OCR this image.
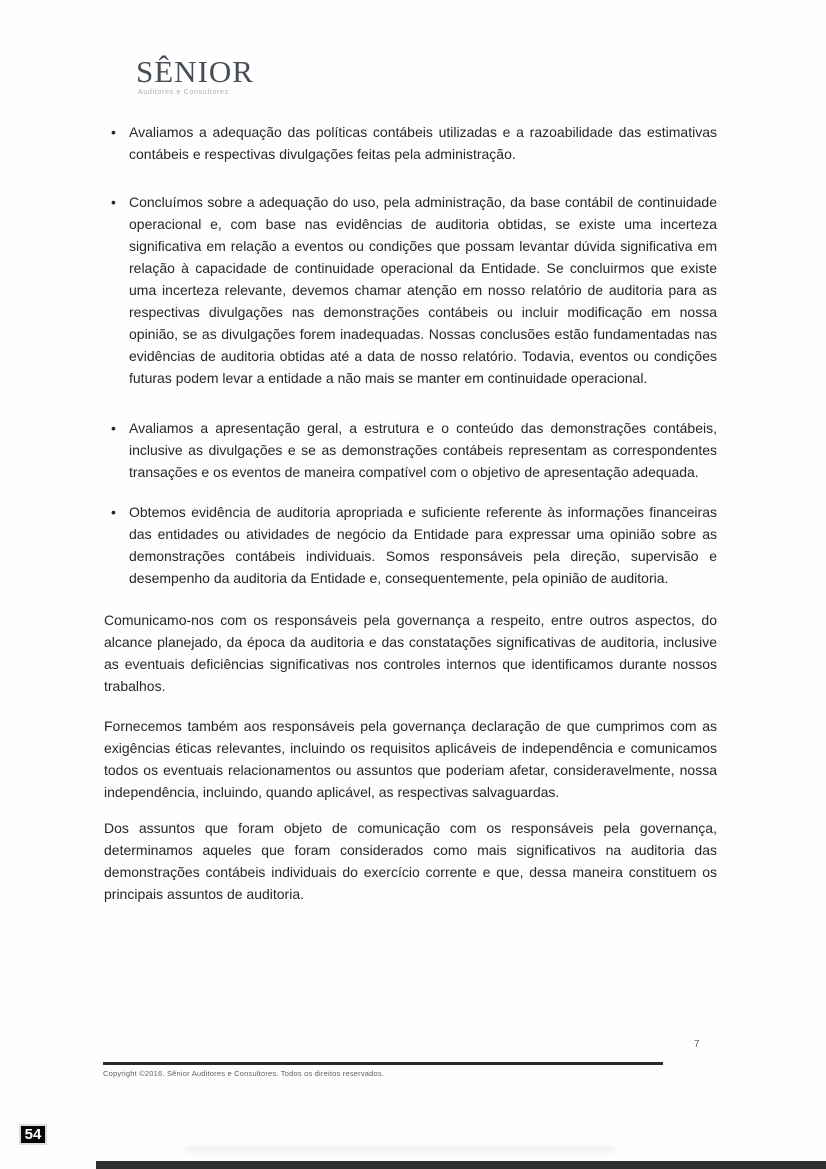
SÊNIOR
Auditores e Consultores
• Avaliamos a adequação das políticas contábeis utilizadas e a razoabilidade das estimativas contábeis e respectivas divulgações feitas pela administração.
• Concluímos sobre a adequação do uso, pela administração, da base contábil de continuidade operacional e, com base nas evidências de auditoria obtidas, se existe uma incerteza significativa em relação a eventos ou condições que possam levantar dúvida significativa em relação à capacidade de continuidade operacional da Entidade. Se concluirmos que existe uma incerteza relevante, devemos chamar atenção em nosso relatório de auditoria para as respectivas divulgações nas demonstrações contábeis ou incluir modificação em nossa opinião, se as divulgações forem inadequadas. Nossas conclusões estão fundamentadas nas evidências de auditoria obtidas até a data de nosso relatório. Todavia, eventos ou condições futuras podem levar a entidade a não mais se manter em continuidade operacional.
• Avaliamos a apresentação geral, a estrutura e o conteúdo das demonstrações contábeis, inclusive as divulgações e se as demonstrações contábeis representam as correspondentes transações e os eventos de maneira compatível com o objetivo de apresentação adequada.
• Obtemos evidência de auditoria apropriada e suficiente referente às informações financeiras das entidades ou atividades de negócio da Entidade para expressar uma opinião sobre as demonstrações contábeis individuais. Somos responsáveis pela direção, supervisão e desempenho da auditoria da Entidade e, consequentemente, pela opinião de auditoria.
Comunicamo-nos com os responsáveis pela governança a respeito, entre outros aspectos, do alcance planejado, da época da auditoria e das constatações significativas de auditoria, inclusive as eventuais deficiências significativas nos controles internos que identificamos durante nossos trabalhos.
Fornecemos também aos responsáveis pela governança declaração de que cumprimos com as exigências éticas relevantes, incluindo os requisitos aplicáveis de independência e comunicamos todos os eventuais relacionamentos ou assuntos que poderiam afetar, consideravelmente, nossa independência, incluindo, quando aplicável, as respectivas salvaguardas.
Dos assuntos que foram objeto de comunicação com os responsáveis pela governança, determinamos aqueles que foram considerados como mais significativos na auditoria das demonstrações contábeis individuais do exercício corrente e que, dessa maneira constituem os principais assuntos de auditoria.
7
Copyright ©2016. Sênior Auditores e Consultores. Todos os direitos reservados.
54
